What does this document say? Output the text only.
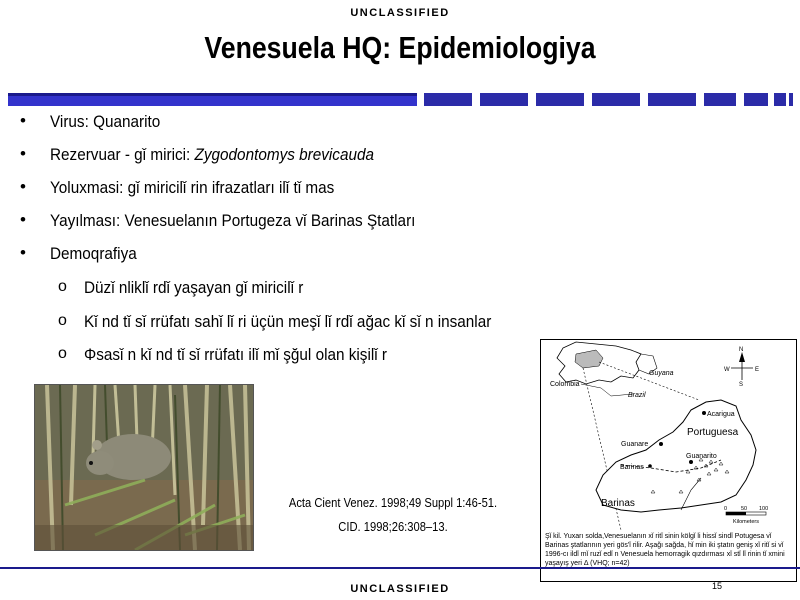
UNCLASSIFIED
Venesuela HQ: Epidemiologiya
• Virus: Quanarito
• Rezervuar - gǐ mirici: Zygodontomys brevicauda
• Yoluxmasi: gǐ miricilǐ rin ifrazatları ilǐ tǐ mas
• Yayılması: Venesuelanın Portugeza vǐ Barinas Ştatları
• Demoqrafiya
o Düzǐ nliklǐ rdǐ yaşayan gǐ miricilǐ r
o Kǐ nd tǐ sǐ rrüfatı sahǐ lǐ ri üçün meşǐ lǐ rdǐ ağac kǐ sǐ n insanlar
o Φsasǐ n kǐ nd tǐ sǐ rrüfatı ilǐ mǐ şğul olan kişilǐ r
Acta Cient Venez. 1998;49 Suppl 1:46-51.
CID. 1998;26:308–13.
Colombia
Guyana
Brazil
Acarigua
Portuguesa
Guanare
Guanarito
Barinas
Barinas
N
S
E
W
0	50 100
Kilometers
Şǐ kil. Yuxarı solda,Venesuelanın xǐ ritǐ sinin kölgǐ li hissǐ sindǐ Potugesa vǐ Barinas ştatlarının yeri gös'ǐ rilir. Aşağı sağda, hǐ min iki ştatın geniş xǐ ritǐ si vǐ 1996-cı ildǐ mǐ ruzǐ edǐ n Venesuela hemorragik qızdırması xǐ stǐ lǐ rinin tǐ xmini yaşayış yeri Δ (VHQ; n=42)
UNCLASSIFIED	15
